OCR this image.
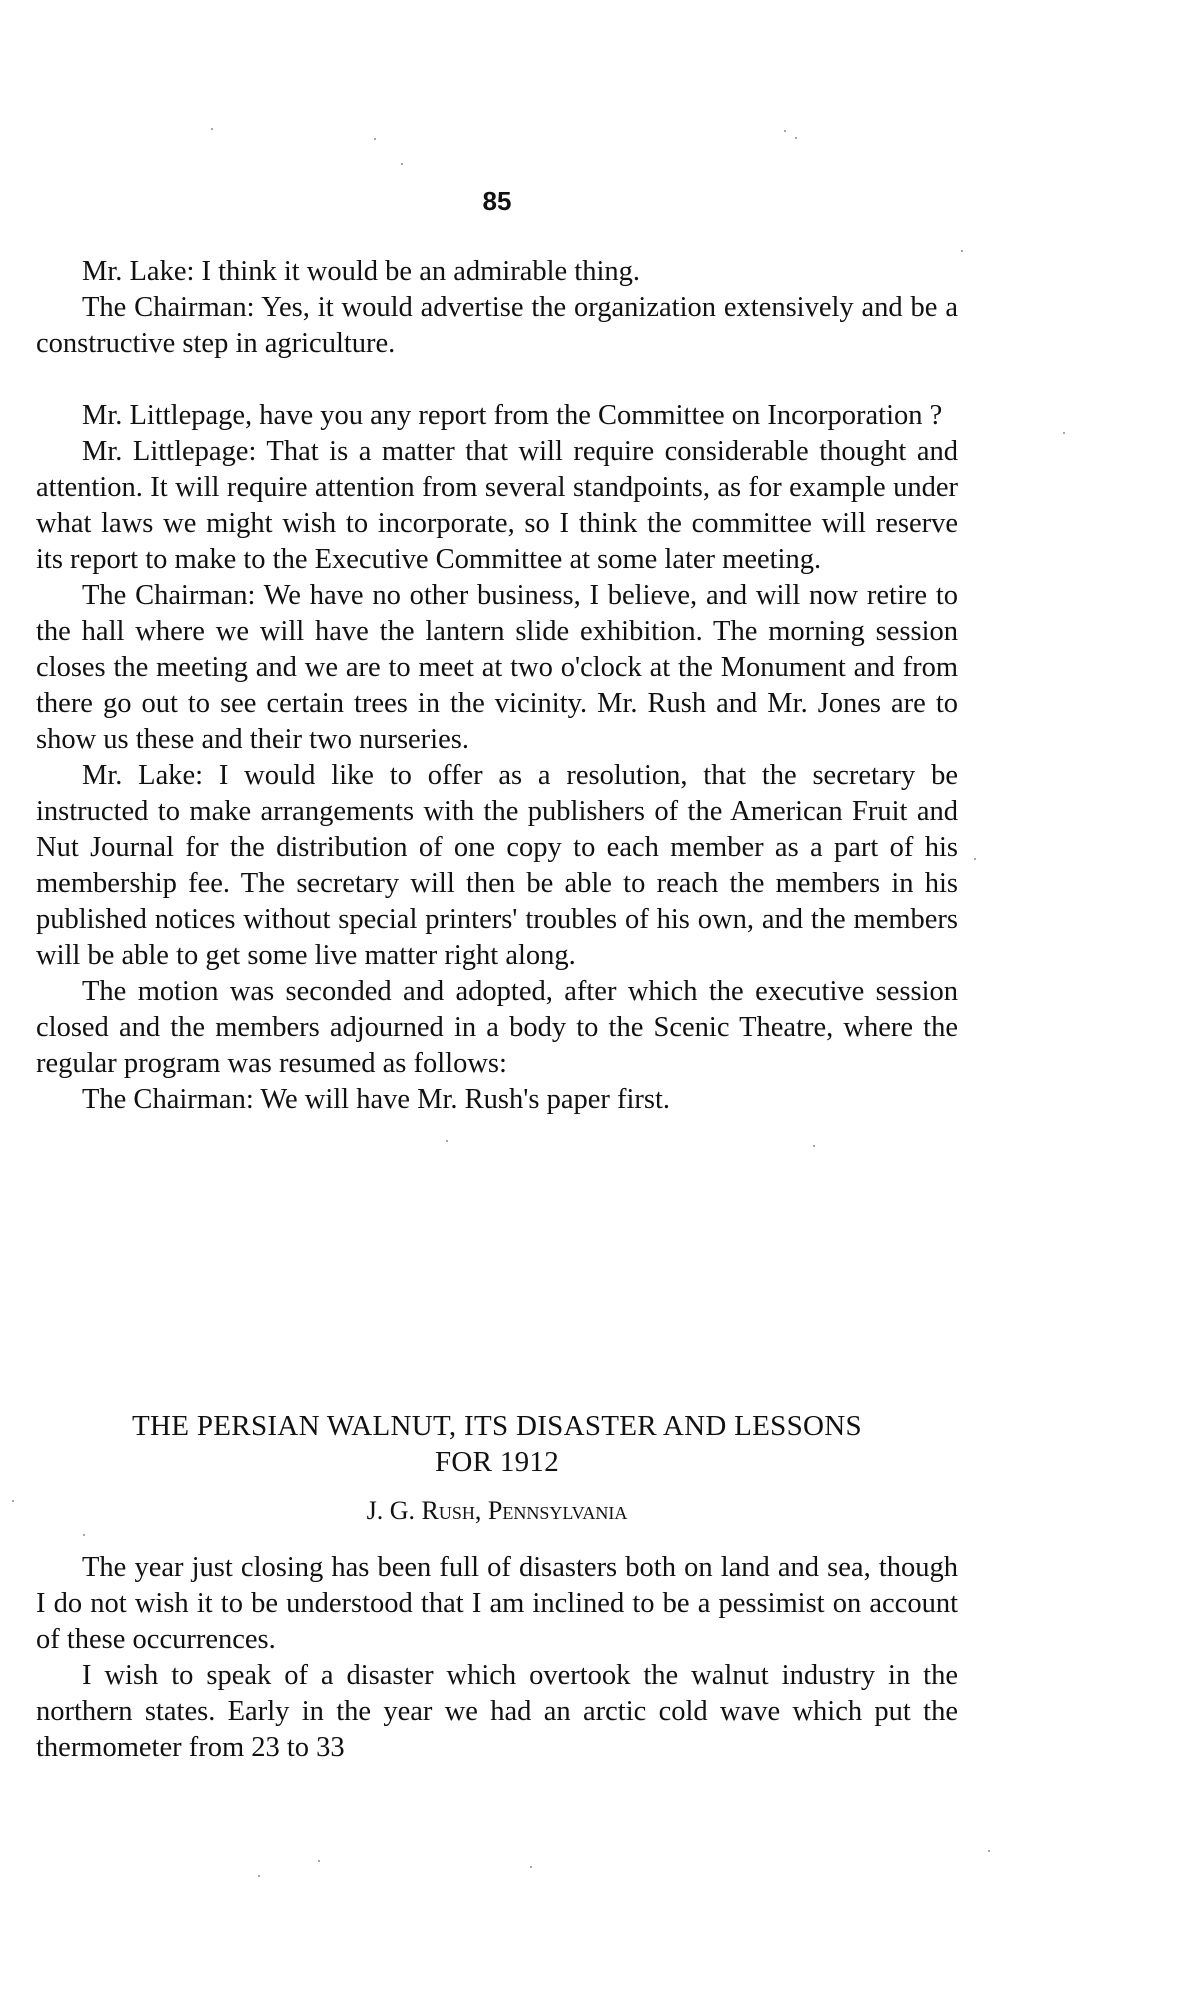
85

Mr. Lake: I think it would be an admirable thing.

The Chairman: Yes, it would advertise the organization extensively and be a constructive step in agriculture.

Mr. Littlepage, have you any report from the Committee on Incorporation ?

Mr. Littlepage: That is a matter that will require considerable thought and attention. It will require attention from several standpoints, as for example under what laws we might wish to incorporate, so I think the committee will reserve its report to make to the Executive Committee at some later meeting.

The Chairman: We have no other business, I believe, and will now retire to the hall where we will have the lantern slide exhibition. The morning session closes the meeting and we are to meet at two o'clock at the Monument and from there go out to see certain trees in the vicinity. Mr. Rush and Mr. Jones are to show us these and their two nurseries.

Mr. Lake: I would like to offer as a resolution, that the secretary be instructed to make arrangements with the publishers of the American Fruit and Nut Journal for the distribution of one copy to each member as a part of his membership fee. The secretary will then be able to reach the members in his published notices without special printers' troubles of his own, and the members will be able to get some live matter right along.

The motion was seconded and adopted, after which the executive session closed and the members adjourned in a body to the Scenic Theatre, where the regular program was resumed as follows:

The Chairman: We will have Mr. Rush's paper first.

THE PERSIAN WALNUT, ITS DISASTER AND LESSONS
FOR 1912
J. G. Rush, Pennsylvania

The year just closing has been full of disasters both on land and sea, though I do not wish it to be understood that I am inclined to be a pessimist on account of these occurrences.

I wish to speak of a disaster which overtook the walnut industry in the northern states. Early in the year we had an arctic cold wave which put the thermometer from 23 to 33
